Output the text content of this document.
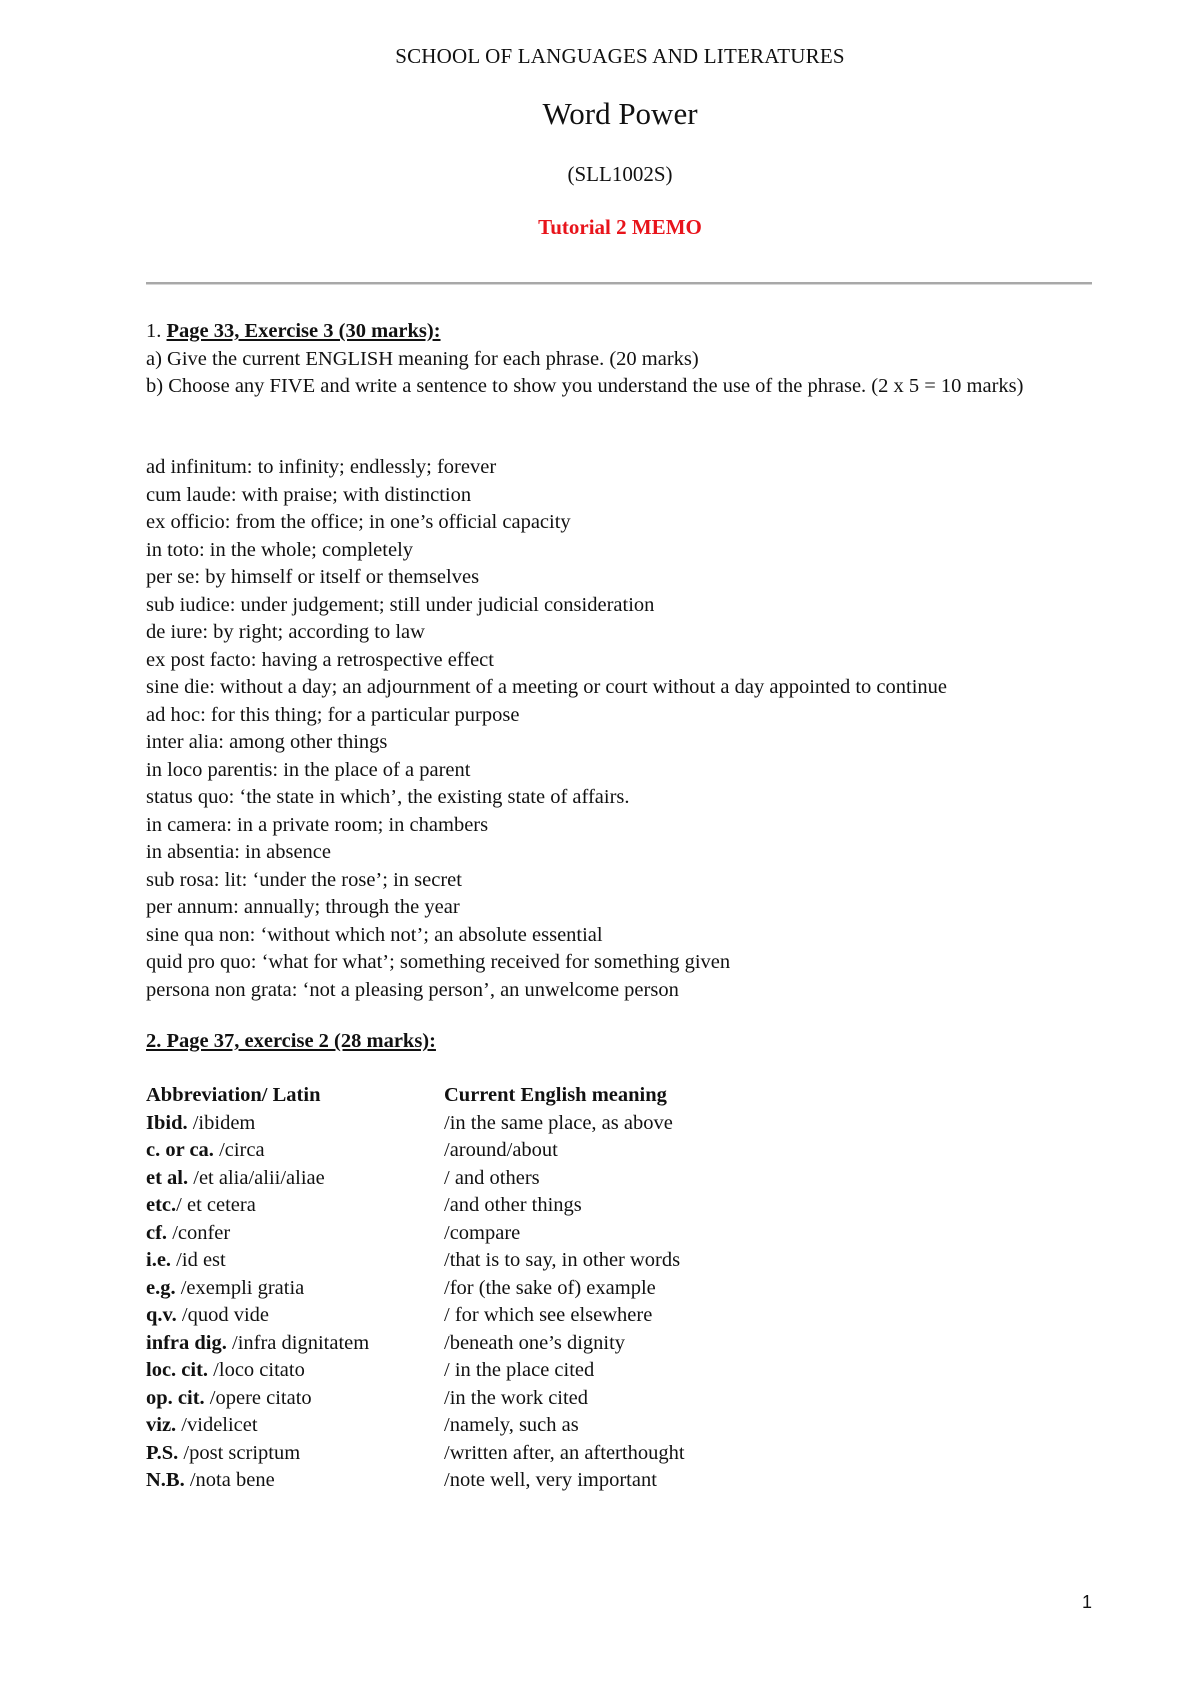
SCHOOL OF LANGUAGES AND LITERATURES
Word Power
(SLL1002S)
Tutorial 2 MEMO
1. Page 33, Exercise 3 (30 marks):
a) Give the current ENGLISH meaning for each phrase. (20 marks)
b) Choose any FIVE and write a sentence to show you understand the use of the phrase. (2 x 5 = 10 marks)
ad infinitum: to infinity; endlessly; forever
cum laude: with praise; with distinction
ex officio: from the office; in one’s official capacity
in toto: in the whole; completely
per se: by himself or itself or themselves
sub iudice: under judgement; still under judicial consideration
de iure: by right; according to law
ex post facto: having a retrospective effect
sine die: without a day; an adjournment of a meeting or court without a day appointed to continue
ad hoc: for this thing; for a particular purpose
inter alia: among other things
in loco parentis: in the place of a parent
status quo: ‘the state in which’, the existing state of affairs.
in camera: in a private room; in chambers
in absentia: in absence
sub rosa: lit: ‘under the rose’; in secret
per annum: annually; through the year
sine qua non: ‘without which not’; an absolute essential
quid pro quo: ‘what for what’; something received for something given
persona non grata: ‘not a pleasing person’, an unwelcome person
2. Page 37, exercise 2 (28 marks):
Abbreviation/ Latin	Current English meaning
Ibid. /ibidem	/in the same place, as above
c. or ca. /circa	/around/about
et al. /et alia/alii/aliae	/ and others
etc./ et cetera	/and other things
cf. /confer	/compare
i.e. /id est	/that is to say, in other words
e.g. /exempli gratia	/for (the sake of) example
q.v. /quod vide	/ for which see elsewhere
infra dig. /infra dignitatem	/beneath one’s dignity
loc. cit. /loco citato	/ in the place cited
op. cit. /opere citato	/in the work cited
viz. /videlicet	/namely, such as
P.S. /post scriptum	/written after, an afterthought
N.B. /nota bene	/note well, very important
1
